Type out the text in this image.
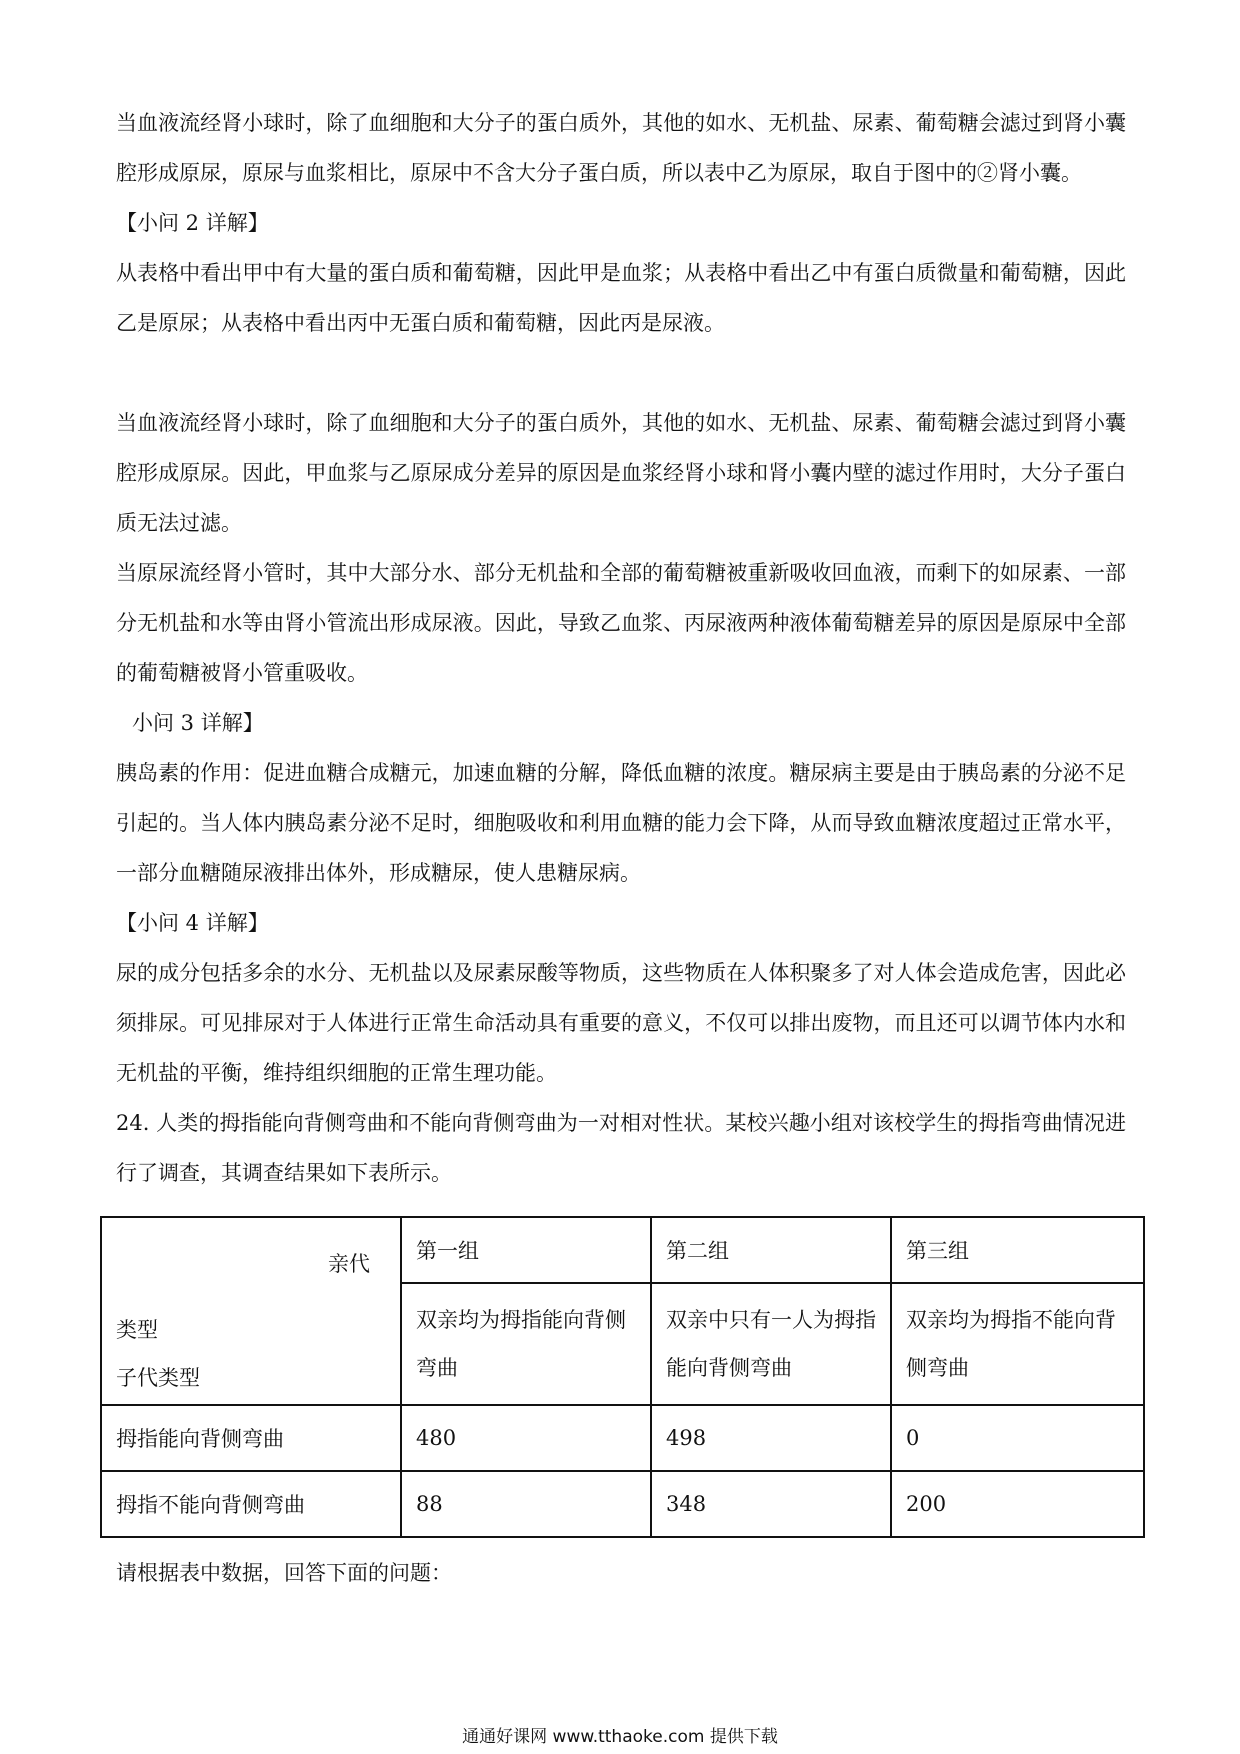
当血液流经肾小球时，除了血细胞和大分子的蛋白质外，其他的如水、无机盐、尿素、葡萄糖会滤过到肾小囊腔形成原尿，原尿与血浆相比，原尿中不含大分子蛋白质，所以表中乙为原尿，取自于图中的②肾小囊。

【小问 2 详解】

从表格中看出甲中有大量的蛋白质和葡萄糖，因此甲是血浆；从表格中看出乙中有蛋白质微量和葡萄糖，因此乙是原尿；从表格中看出丙中无蛋白质和葡萄糖，因此丙是尿液。

当血液流经肾小球时，除了血细胞和大分子的蛋白质外，其他的如水、无机盐、尿素、葡萄糖会滤过到肾小囊腔形成原尿。因此，甲血浆与乙原尿成分差异的原因是血浆经肾小球和肾小囊内壁的滤过作用时，大分子蛋白质无法过滤。

当原尿流经肾小管时，其中大部分水、部分无机盐和全部的葡萄糖被重新吸收回血液，而剩下的如尿素、一部分无机盐和水等由肾小管流出形成尿液。因此，导致乙血浆、丙尿液两种液体葡萄糖差异的原因是原尿中全部的葡萄糖被肾小管重吸收。

小问 3 详解】

胰岛素的作用：促进血糖合成糖元，加速血糖的分解，降低血糖的浓度。糖尿病主要是由于胰岛素的分泌不足引起的。当人体内胰岛素分泌不足时，细胞吸收和利用血糖的能力会下降，从而导致血糖浓度超过正常水平，一部分血糖随尿液排出体外，形成糖尿，使人患糖尿病。

【小问 4 详解】

尿的成分包括多余的水分、无机盐以及尿素尿酸等物质，这些物质在人体积聚多了对人体会造成危害，因此必须排尿。可见排尿对于人体进行正常生命活动具有重要的意义，不仅可以排出废物，而且还可以调节体内水和无机盐的平衡，维持组织细胞的正常生理功能。

24. 人类的拇指能向背侧弯曲和不能向背侧弯曲为一对相对性状。某校兴趣小组对该校学生的拇指弯曲情况进行了调查，其调查结果如下表所示。

亲代
类型
子代类型	第一组	第二组	第三组
	双亲均为拇指能向背侧弯曲	双亲中只有一人为拇指能向背侧弯曲	双亲均为拇指不能向背侧弯曲
拇指能向背侧弯曲	480	498	0
拇指不能向背侧弯曲	88	348	200

请根据表中数据，回答下面的问题：

通通好课网 www.tthaoke.com 提供下载
